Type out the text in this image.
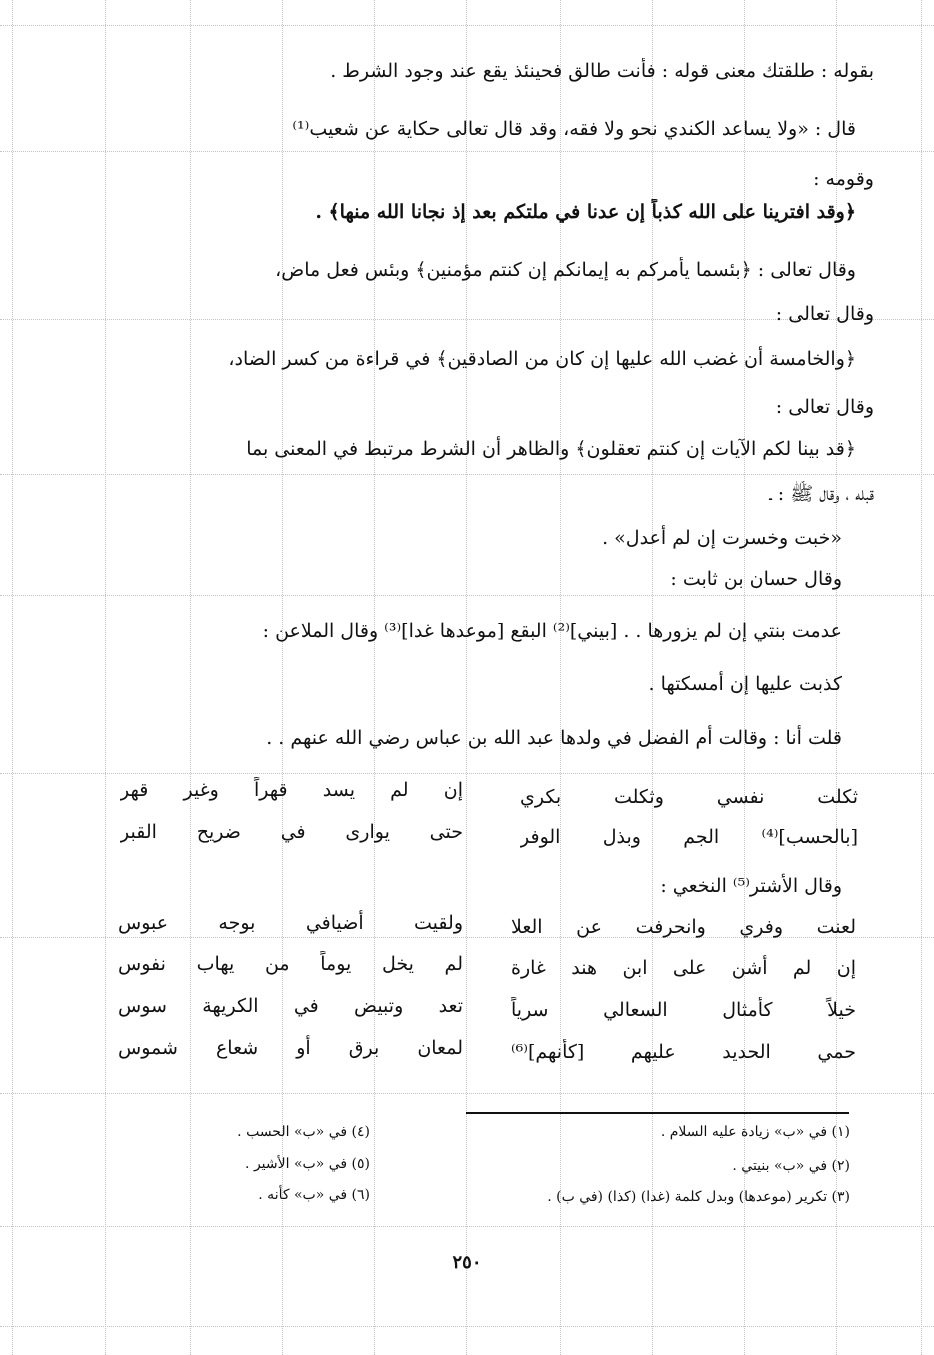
بقوله : طلقتك معنى قوله : فأنت طالق فحينئذ يقع عند وجود الشرط .
قال : «ولا يساعد الكندي نحو ولا فقه، وقد قال تعالى حكاية عن شعيب⁽¹⁾
وقومه :
﴿وقد افترينا على الله كذباً إن عدنا في ملتكم بعد إذ نجانا الله منها﴾ .
وقال تعالى : ﴿بئسما يأمركم به إيمانكم إن كنتم مؤمنين﴾ وبئس فعل ماض،
وقال تعالى :
﴿والخامسة أن غضب الله عليها إن كان من الصادقين﴾ في قراءة من كسر الضاد،
وقال تعالى :
﴿قد بينا لكم الآيات إن كنتم تعقلون﴾ والظاهر أن الشرط مرتبط في المعنى بما
قبله ، وقال ﷺ : ـ
«خبت وخسرت إن لم أعدل» .
وقال حسان بن ثابت :
عدمت بنتي إن لم يزورها . . [بيني]⁽²⁾ البقع [موعدها غدا]⁽³⁾ وقال الملاعن :
كذبت عليها إن أمسكتها .
قلت أنا : وقالت أم الفضل في ولدها عبد الله بن عباس رضي الله عنهم . .
ثكلت نفسي وثكلت بكري
إن لم يسد قهراً وغير قهر
[بالحسب]⁽⁴⁾ الجم وبذل الوفر
حتى يوارى في ضريح القبر
وقال الأشتر⁽⁵⁾ النخعي :
لعنت وفري وانحرفت عن العلا
ولقيت أضيافي بوجه عبوس
إن لم أشن على ابن هند غارة
لم يخل يوماً من يهاب نفوس
خيلاً كأمثال السعالي سرياً
تعد وتبيض في الكريهة سوس
حمي الحديد عليهم [كأنهم]⁽⁶⁾
لمعان برق أو شعاع شموس
(١) في «ب» زيادة عليه السلام .
(٢) في «ب» بنيتي .
(٣) تكرير (موعدها) وبدل كلمة (غدا) (كذا) (في ب) .
(٤) في «ب» الحسب .
(٥) في «ب» الأشير .
(٦) في «ب» كأنه .
٢٥٠
